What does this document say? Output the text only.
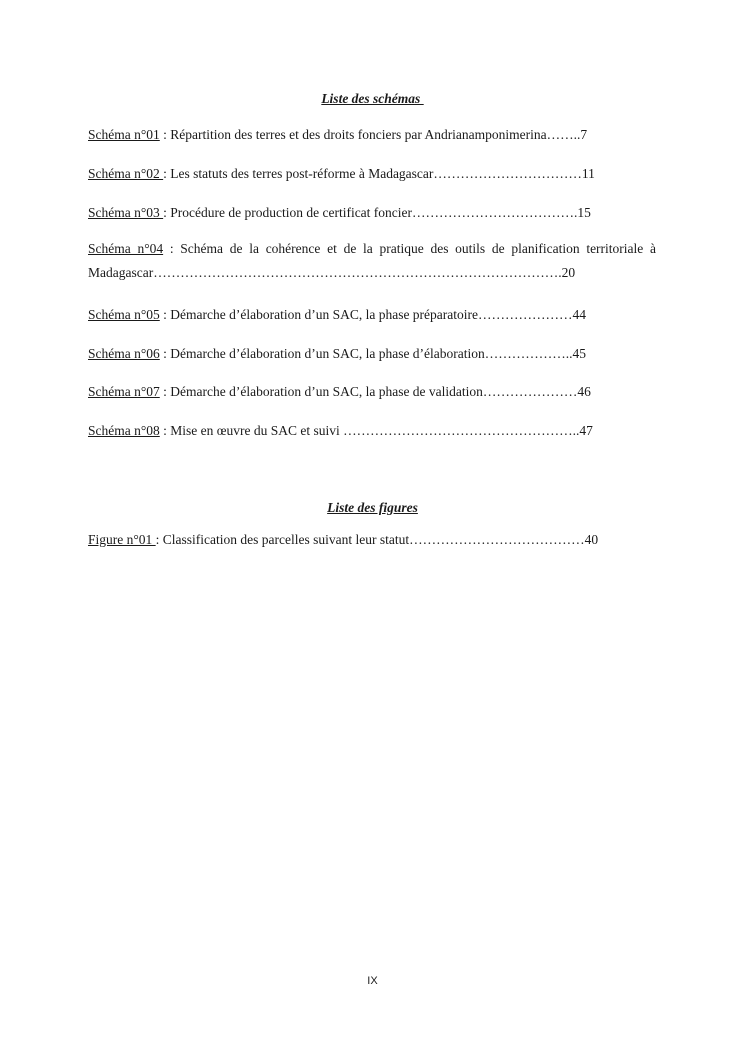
Liste des schémas
Schéma n°01 : Répartition des terres et des droits fonciers par Andrianamponimerina……..7
Schéma n°02 : Les statuts des terres post-réforme à Madagascar……………………………11
Schéma n°03 : Procédure de production de certificat foncier……………………………….15
Schéma n°04 : Schéma de la cohérence et de la pratique des outils de planification territoriale à Madagascar……………………………………………………………………………….20
Schéma n°05 : Démarche d’élaboration d’un SAC, la phase préparatoire…………………44
Schéma n°06 : Démarche d’élaboration d’un SAC, la phase d’élaboration………………..45
Schéma n°07 : Démarche d’élaboration d’un SAC, la phase de validation…………………46
Schéma n°08 : Mise en œuvre du SAC et suivi ……………………………………………..47
Liste des figures
Figure n°01 : Classification des parcelles suivant leur statut…………………………………40
IX
